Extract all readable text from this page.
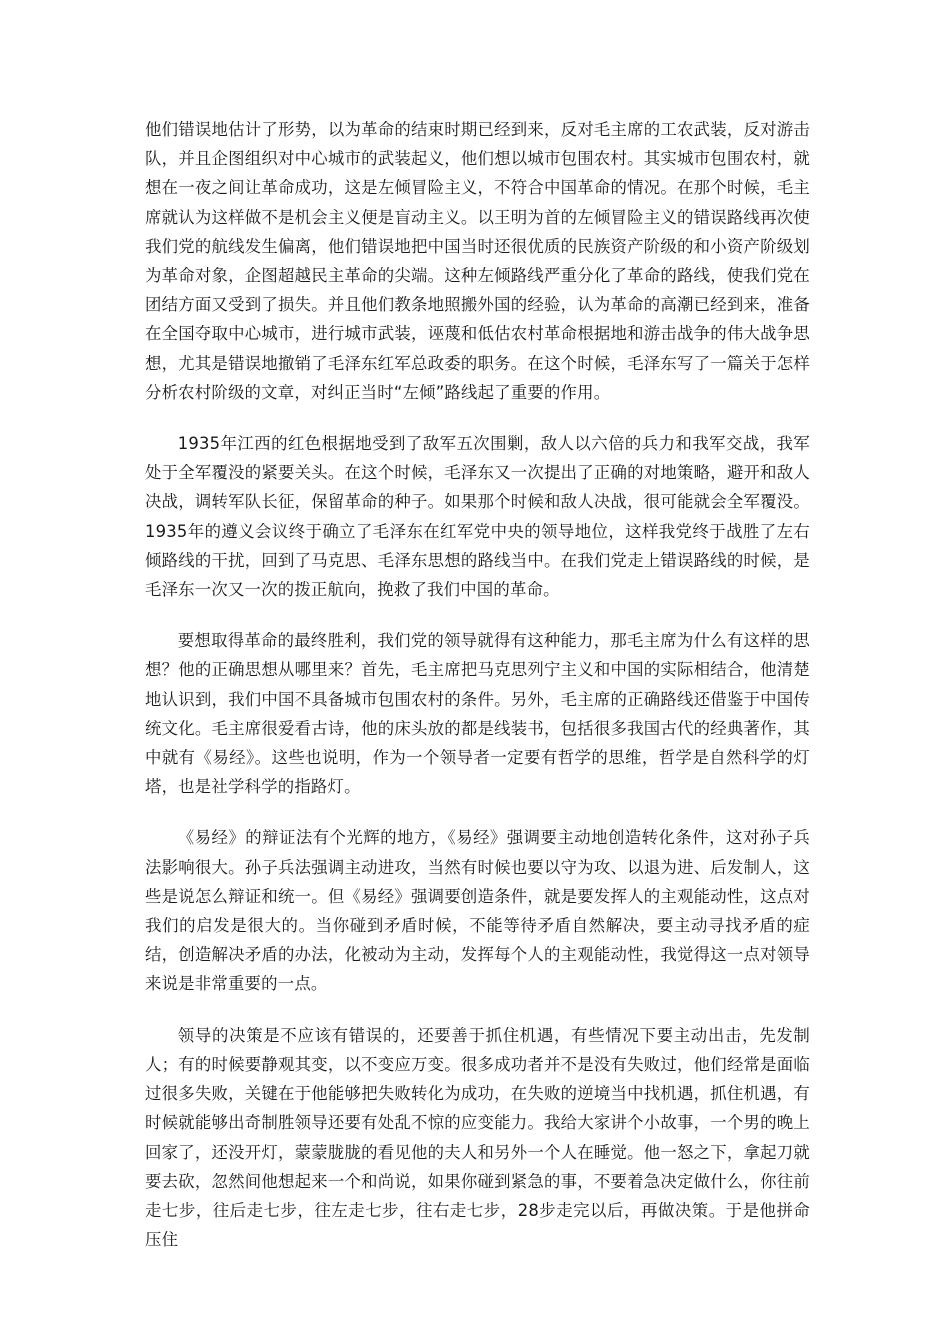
他们错误地估计了形势，以为革命的结束时期已经到来，反对毛主席的工农武装，反对游击队，并且企图组织对中心城市的武装起义，他们想以城市包围农村。其实城市包围农村，就想在一夜之间让革命成功，这是左倾冒险主义，不符合中国革命的情况。在那个时候，毛主席就认为这样做不是机会主义便是盲动主义。以王明为首的左倾冒险主义的错误路线再次使我们党的航线发生偏离，他们错误地把中国当时还很优质的民族资产阶级的和小资产阶级划为革命对象，企图超越民主革命的尖端。这种左倾路线严重分化了革命的路线，使我们党在团结方面又受到了损失。并且他们教条地照搬外国的经验，认为革命的高潮已经到来，准备在全国夺取中心城市，进行城市武装，诬蔑和低估农村革命根据地和游击战争的伟大战争思想，尤其是错误地撤销了毛泽东红军总政委的职务。在这个时候，毛泽东写了一篇关于怎样分析农村阶级的文章，对纠正当时“左倾”路线起了重要的作用。

1935年江西的红色根据地受到了敌军五次围剿，敌人以六倍的兵力和我军交战，我军处于全军覆没的紧要关头。在这个时候，毛泽东又一次提出了正确的对地策略，避开和敌人决战，调转军队长征，保留革命的种子。如果那个时候和敌人决战，很可能就会全军覆没。1935年的遵义会议终于确立了毛泽东在红军党中央的领导地位，这样我党终于战胜了左右倾路线的干扰，回到了马克思、毛泽东思想的路线当中。在我们党走上错误路线的时候，是毛泽东一次又一次的拨正航向，挽救了我们中国的革命。

要想取得革命的最终胜利，我们党的领导就得有这种能力，那毛主席为什么有这样的思想？他的正确思想从哪里来？首先，毛主席把马克思列宁主义和中国的实际相结合，他清楚地认识到，我们中国不具备城市包围农村的条件。另外，毛主席的正确路线还借鉴于中国传统文化。毛主席很爱看古诗，他的床头放的都是线装书，包括很多我国古代的经典著作，其中就有《易经》。这些也说明，作为一个领导者一定要有哲学的思维，哲学是自然科学的灯塔，也是社学科学的指路灯。

《易经》的辩证法有个光辉的地方，《易经》强调要主动地创造转化条件，这对孙子兵法影响很大。孙子兵法强调主动进攻，当然有时候也要以守为攻、以退为进、后发制人，这些是说怎么辩证和统一。但《易经》强调要创造条件，就是要发挥人的主观能动性，这点对我们的启发是很大的。当你碰到矛盾时候，不能等待矛盾自然解决，要主动寻找矛盾的症结，创造解决矛盾的办法，化被动为主动，发挥每个人的主观能动性，我觉得这一点对领导来说是非常重要的一点。

领导的决策是不应该有错误的，还要善于抓住机遇，有些情况下要主动出击，先发制人；有的时候要静观其变，以不变应万变。很多成功者并不是没有失败过，他们经常是面临过很多失败，关键在于他能够把失败转化为成功，在失败的逆境当中找机遇，抓住机遇，有时候就能够出奇制胜领导还要有处乱不惊的应变能力。我给大家讲个小故事，一个男的晚上回家了，还没开灯，蒙蒙胧胧的看见他的夫人和另外一个人在睡觉。他一怒之下，拿起刀就要去砍，忽然间他想起来一个和尚说，如果你碰到紧急的事，不要着急决定做什么，你往前走七步，往后走七步，往左走七步，往右走七步，28步走完以后，再做决策。于是他拼命压住
